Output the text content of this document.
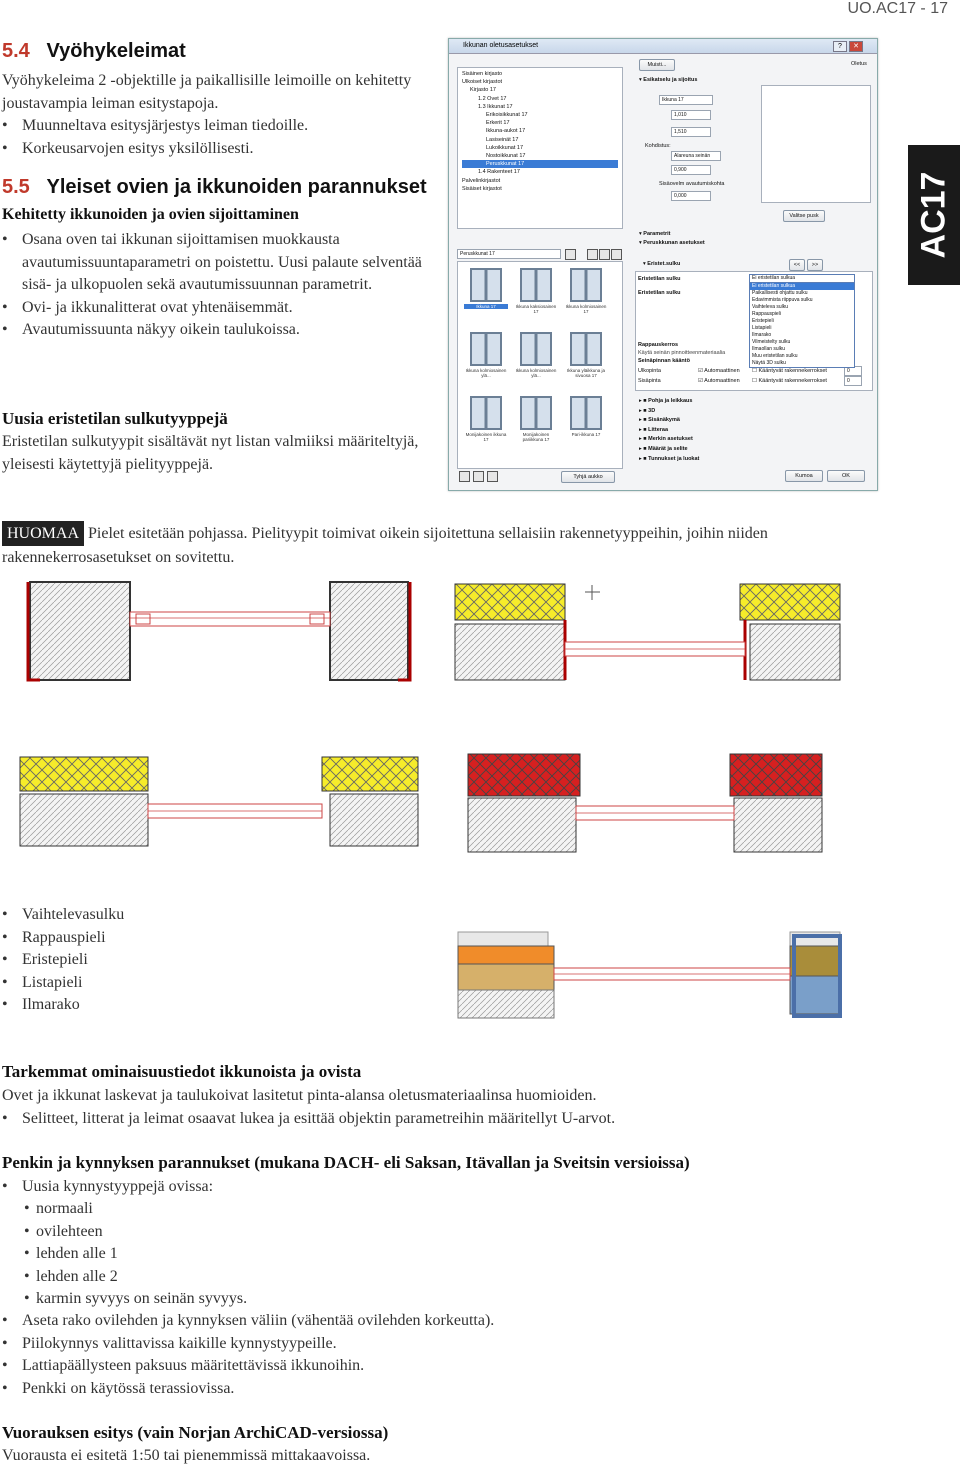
UO.AC17 - 17
AC17
5.4 Vyöhykeleimat
Vyöhykeleima 2 -objektille ja paikallisille leimoille on kehitetty joustavampia leiman esitystapoja.
• Muunneltava esitysjärjestys leiman tiedoille.
• Korkeusarvojen esitys yksilöllisesti.
5.5 Yleiset ovien ja ikkunoiden parannukset
Kehitetty ikkunoiden ja ovien sijoittaminen
• Osana oven tai ikkunan sijoittamisen muokkausta avautumissuuntaparametri on poistettu. Uusi palaute selventää sisä- ja ulkopuolen sekä avautumissuunnan parametrit.
• Ovi- ja ikkunalitterat ovat yhtenäisemmät.
• Avautumissuunta näkyy oikein taulukoissa.
Uusia eristetilan sulkutyyppejä
Eristetilan sulkutyypit sisältävät nyt listan valmiiksi määriteltyjä, yleisesti käytettyjä pielityyppejä.
Ikkunan oletusasetukset	?	✕
Sisäinen kirjasto
Ulkoiset kirjastot
Kirjasto 17
1.2 Ovet 17
1.3 Ikkunat 17
Erikoisikkunat 17
Erkerit 17
Ikkuna-aukot 17
Lasiseinät 17
Lukoikkunat 17
Nostoikkunat 17
Peruskkunat 17
1.4 Rakenteet 17
Palvelinkirjastot
Sisäiset kirjastot
Peruskkunat 17
Ikkuna 17	Ikkuna kaksiosainen 17
Ikkuna kolmiosainen 17
Ikkuna kolmiosainen ylä...
Ikkuna kolmiosainen ylä...
Ikkuna yläikkuna ja sivuosa 17
Monijakoinen ikkuna 17
Monijakoinen pariikkuna 17
Pari-ikkuna 17
Tyhjä aukko
Muisti...	Oletus
▾ Esikatselu ja sijoitus
Ikkuna 17
1,010
1,510
Kohdistus:
Alareuna seinän
0,900
Sisäovelm avautumiskohta
0,000
Valitse pusk
▾ Parametrit
▾ Peruskkunan asetukset
<<	>>
Eristetilan sulku
Eristetilan sulku
Rappauskerros
Käytä seinän pinnoitteenmateriaalia
Seinäpinnan kääntö
Ulkopinta
Sisäpinta
☑ Automaattinen
☑ Automaattinen
☐ Kääntyvät rakennekerrokset
☐ Kääntyvät rakennekerrokset
0
0
▾ Eristet.sulku
Ei eristetilan sulkua
Ei eristetilan sulkua
Paikallisesti ohjattu sulku
Edavimmista riippuva sulku
Vaihteleva sulku
Rappauspieli
Eristepieli
Listapieli
Ilmarako
Vilmeistelty sulku
Ilmaollan sulku
Muu eristetilan sulku
Näytä 3D sulku
▸ ■ Pohja ja leikkaus
▸ ■ 3D
▸ ■ Sisänäkymä
▸ ■ Litteraa
▸ ■ Merkin asetukset
▸ ■ Määrät ja selite
▸ ■ Tunnukset ja luokat
Kumoa	OK
HUOMAA Pielet esitetään pohjassa. Pielityypit toimivat oikein sijoitettuna sellaisiin rakennetyyppeihin, joihin niiden rakennekerrosasetukset on sovitettu.
• Vaihtelevasulku
• Rappauspieli
• Eristepieli
• Listapieli
• Ilmarako
Tarkemmat ominaisuustiedot ikkunoista ja ovista
Ovet ja ikkunat laskevat ja taulukoivat lasitetut pinta-alansa oletusmateriaalinsa huomioiden.
• Selitteet, litterat ja leimat osaavat lukea ja esittää objektin parametreihin määritellyt U-arvot.
Penkin ja kynnyksen parannukset (mukana DACH- eli Saksan, Itävallan ja Sveitsin versioissa)
• Uusia kynnystyyppejä ovissa:
• normaali
• ovilehteen
• lehden alle 1
• lehden alle 2
• karmin syvyys on seinän syvyys.
• Aseta rako ovilehden ja kynnyksen väliin (vähentää ovilehden korkeutta).
• Piilokynnys valittavissa kaikille kynnystyypeille.
• Lattiapäällysteen paksuus määritettävissä ikkunoihin.
• Penkki on käytössä terassiovissa.
Vuorauksen esitys (vain Norjan ArchiCAD-versiossa)
Vuorausta ei esitetä 1:50 tai pienemmissä mittakaavoissa.
